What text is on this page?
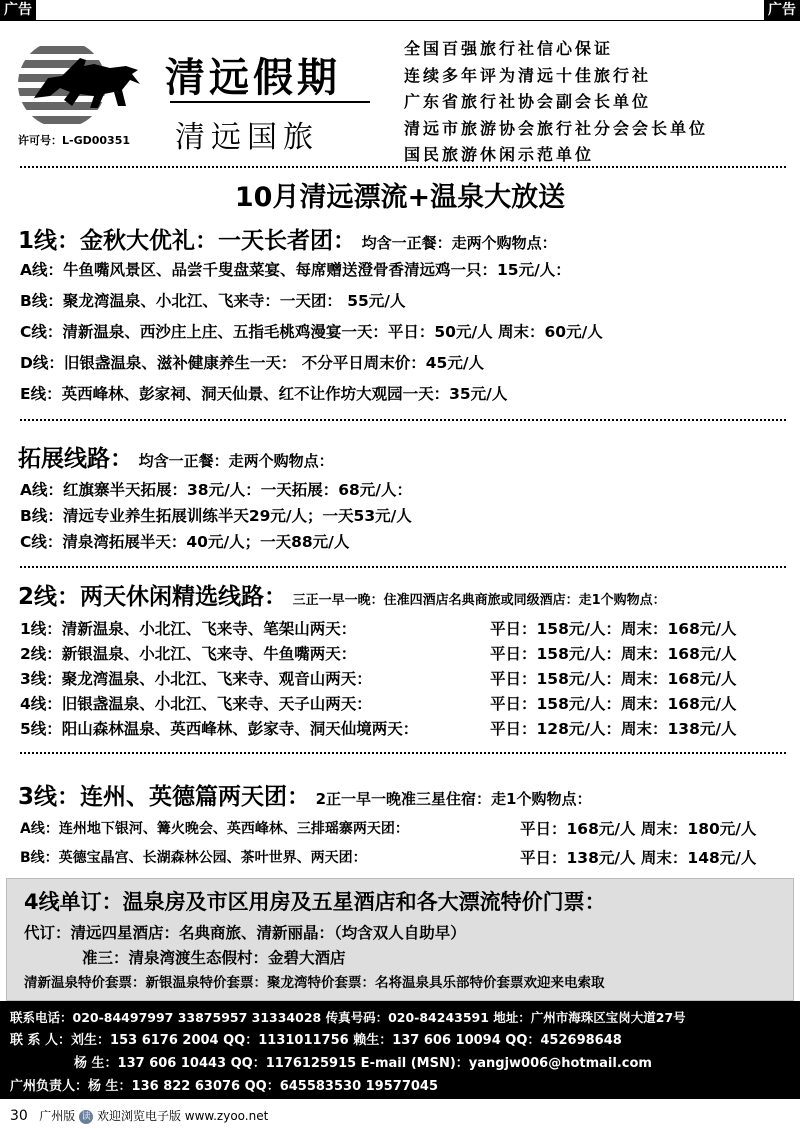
广告	广告
许可号：L-GD00351
清远假期
清远国旅
全国百强旅行社信心保证
连续多年评为清远十佳旅行社
广东省旅行社协会副会长单位
清远市旅游协会旅行社分会会长单位
国民旅游休闲示范单位
10月清远漂流+温泉大放送
1线：金秋大优礼：一天长者团： 均含一正餐：走两个购物点：
A线：牛鱼嘴风景区、品尝千叟盘菜宴、每席赠送澄骨香清远鸡一只：15元/人：
B线：聚龙湾温泉、小北江、飞来寺：一天团： 55元/人
C线：清新温泉、西沙庄上庄、五指毛桃鸡漫宴一天：平日：50元/人 周末：60元/人
D线：旧银盏温泉、滋补健康养生一天： 不分平日周末价：45元/人
E线：英西峰林、彭家祠、洞天仙景、红不让作坊大观园一天：35元/人
拓展线路： 均含一正餐：走两个购物点：
A线：红旗寨半天拓展：38元/人：一天拓展：68元/人：
B线：清远专业养生拓展训练半天29元/人；一天53元/人
C线：清泉湾拓展半天：40元/人；一天88元/人
2线：两天休闲精选线路： 三正一早一晚：住准四酒店名典商旅或同级酒店：走1个购物点：
1线：清新温泉、小北江、飞来寺、笔架山两天：	平日：158元/人：周末：168元/人
2线：新银温泉、小北江、飞来寺、牛鱼嘴两天：	平日：158元/人：周末：168元/人
3线：聚龙湾温泉、小北江、飞来寺、观音山两天：	平日：158元/人：周末：168元/人
4线：旧银盏温泉、小北江、飞来寺、天子山两天：	平日：158元/人：周末：168元/人
5线：阳山森林温泉、英西峰林、彭家寺、洞天仙境两天：	平日：128元/人：周末：138元/人
3线：连州、英德篇两天团： 2正一早一晚准三星住宿：走1个购物点：
A线：连州地下银河、篝火晚会、英西峰林、三排瑶寨两天团：	平日：168元/人 周末：180元/人
B线：英德宝晶宫、长湖森林公园、茶叶世界、两天团：	平日：138元/人 周末：148元/人
4线单订：温泉房及市区用房及五星酒店和各大漂流特价门票：
代订：清远四星酒店：名典商旅、清新丽晶：（均含双人自助早）
准三：清泉湾渡生态假村：金碧大酒店
清新温泉特价套票：新银温泉特价套票：聚龙湾特价套票：名将温泉具乐部特价套票欢迎来电索取
联系电话：020-84497997 33875957 31334028 传真号码：020-84243591 地址：广州市海珠区宝岗大道27号
联 系 人：刘生：153 6176 2004 QQ：1131011756 赖生：137 606 10094 QQ：452698648
杨 生：137 606 10443 QQ：1176125915 E-mail (MSN)：yangjw006@hotmail.com
广州负责人：杨 生：136 822 63076 QQ：645583530 19577045
30 广州版 读 欢迎浏览电子版 www.zyoo.net
